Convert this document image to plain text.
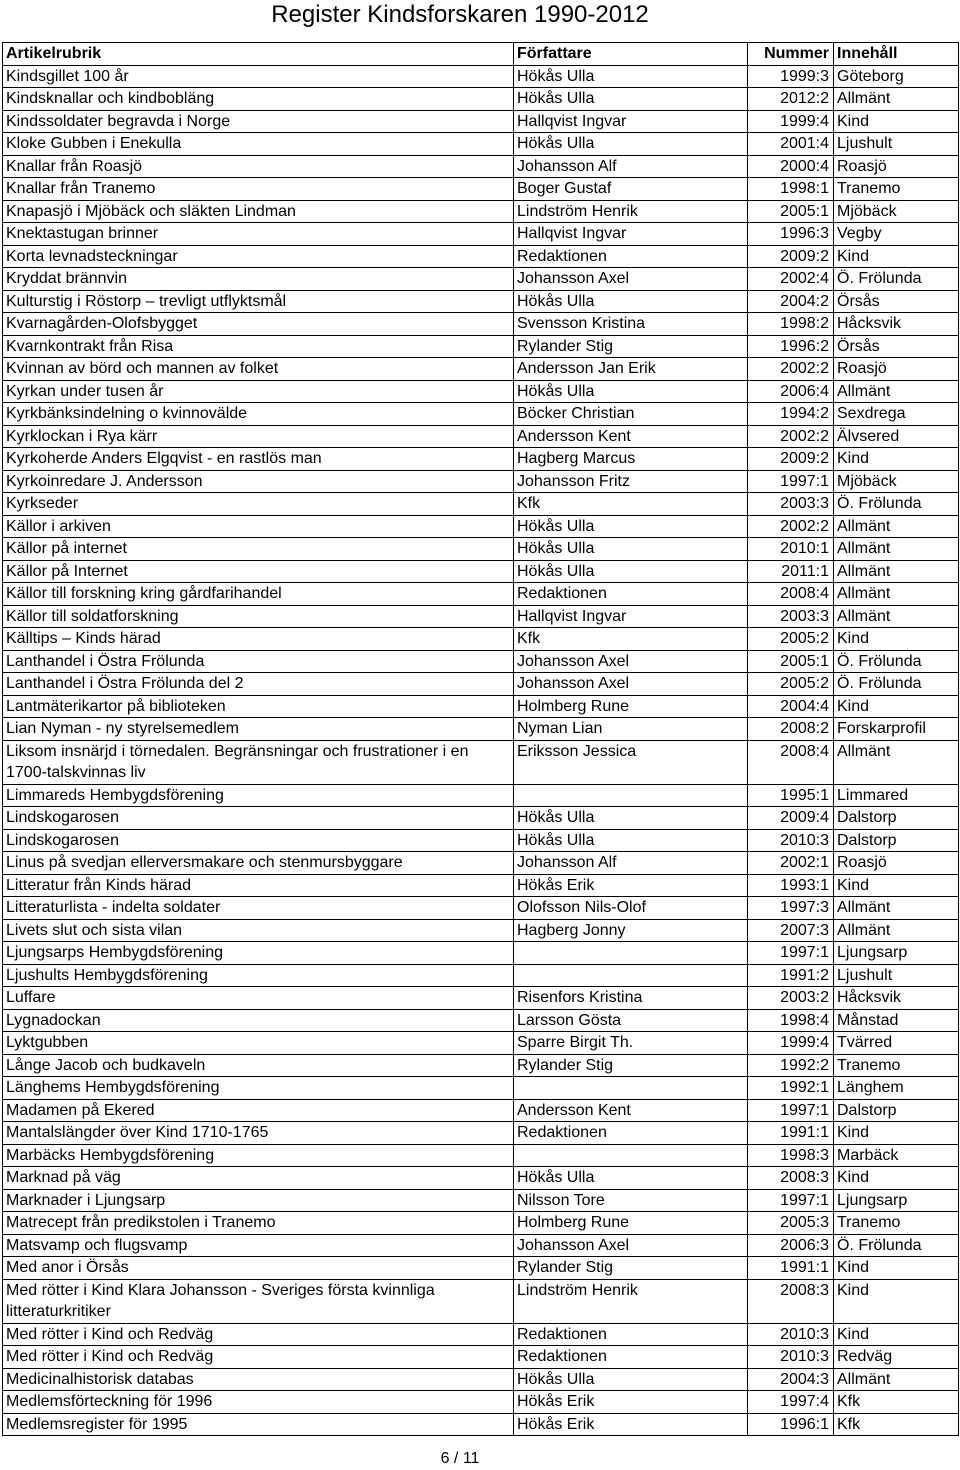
Register Kindsforskaren 1990-2012
Artikelrubrik	Författare	Nummer	Innehåll
Kindsgillet 100 år	Hökås Ulla	1999:3	Göteborg
Kindsknallar och kindbobläng	Hökås Ulla	2012:2	Allmänt
Kindssoldater begravda i Norge	Hallqvist Ingvar	1999:4	Kind
Kloke Gubben i Enekulla	Hökås Ulla	2001:4	Ljushult
Knallar från Roasjö	Johansson Alf	2000:4	Roasjö
Knallar från Tranemo	Boger Gustaf	1998:1	Tranemo
Knapasjö i Mjöbäck och släkten Lindman	Lindström Henrik	2005:1	Mjöbäck
Knektastugan brinner	Hallqvist Ingvar	1996:3	Vegby
Korta levnadsteckningar	Redaktionen	2009:2	Kind
Kryddat brännvin	Johansson Axel	2002:4	Ö. Frölunda
Kulturstig i Röstorp – trevligt utflyktsmål	Hökås Ulla	2004:2	Örsås
Kvarnagården-Olofsbygget	Svensson Kristina	1998:2	Håcksvik
Kvarnkontrakt från Risa	Rylander Stig	1996:2	Örsås
Kvinnan av börd och mannen av folket	Andersson Jan Erik	2002:2	Roasjö
Kyrkan under tusen år	Hökås Ulla	2006:4	Allmänt
Kyrkbänksindelning o kvinnovälde	Böcker Christian	1994:2	Sexdrega
Kyrklockan i Rya kärr	Andersson Kent	2002:2	Älvsered
Kyrkoherde Anders Elgqvist - en rastlös man	Hagberg Marcus	2009:2	Kind
Kyrkoinredare J. Andersson	Johansson Fritz	1997:1	Mjöbäck
Kyrkseder	Kfk	2003:3	Ö. Frölunda
Källor i arkiven	Hökås Ulla	2002:2	Allmänt
Källor på internet	Hökås Ulla	2010:1	Allmänt
Källor på Internet	Hökås Ulla	2011:1	Allmänt
Källor till forskning kring gårdfarihandel	Redaktionen	2008:4	Allmänt
Källor till soldatforskning	Hallqvist Ingvar	2003:3	Allmänt
Källtips – Kinds härad	Kfk	2005:2	Kind
Lanthandel i Östra Frölunda	Johansson Axel	2005:1	Ö. Frölunda
Lanthandel i Östra Frölunda del 2	Johansson Axel	2005:2	Ö. Frölunda
Lantmäterikartor på biblioteken	Holmberg Rune	2004:4	Kind
Lian Nyman - ny styrelsemedlem	Nyman Lian	2008:2	Forskarprofil
Liksom insnärjd i törnedalen. Begränsningar och frustrationer i en 1700-talskvinnas liv	Eriksson Jessica	2008:4	Allmänt
Limmareds Hembygdsförening		1995:1	Limmared
Lindskogarosen	Hökås Ulla	2009:4	Dalstorp
Lindskogarosen	Hökås Ulla	2010:3	Dalstorp
Linus på svedjan ellerversmakare och stenmursbyggare	Johansson Alf	2002:1	Roasjö
Litteratur från Kinds härad	Hökås Erik	1993:1	Kind
Litteraturlista - indelta soldater	Olofsson Nils-Olof	1997:3	Allmänt
Livets slut och sista vilan	Hagberg Jonny	2007:3	Allmänt
Ljungsarps Hembygdsförening		1997:1	Ljungsarp
Ljushults Hembygdsförening		1991:2	Ljushult
Luffare	Risenfors Kristina	2003:2	Håcksvik
Lygnadockan	Larsson Gösta	1998:4	Månstad
Lyktgubben	Sparre Birgit Th.	1999:4	Tvärred
Långe Jacob och budkaveln	Rylander Stig	1992:2	Tranemo
Länghems Hembygdsförening		1992:1	Länghem
Madamen på Ekered	Andersson Kent	1997:1	Dalstorp
Mantalslängder över Kind 1710-1765	Redaktionen	1991:1	Kind
Marbäcks Hembygdsförening		1998:3	Marbäck
Marknad på väg	Hökås Ulla	2008:3	Kind
Marknader i Ljungsarp	Nilsson Tore	1997:1	Ljungsarp
Matrecept från predikstolen i Tranemo	Holmberg Rune	2005:3	Tranemo
Matsvamp och flugsvamp	Johansson Axel	2006:3	Ö. Frölunda
Med anor i Örsås	Rylander Stig	1991:1	Kind
Med rötter i Kind Klara Johansson - Sveriges första kvinnliga litteraturkritiker	Lindström Henrik	2008:3	Kind
Med rötter i Kind och Redväg	Redaktionen	2010:3	Kind
Med rötter i Kind och Redväg	Redaktionen	2010:3	Redväg
Medicinalhistorisk databas	Hökås Ulla	2004:3	Allmänt
Medlemsförteckning för 1996	Hökås Erik	1997:4	Kfk
Medlemsregister för 1995	Hökås Erik	1996:1	Kfk
6 / 11
